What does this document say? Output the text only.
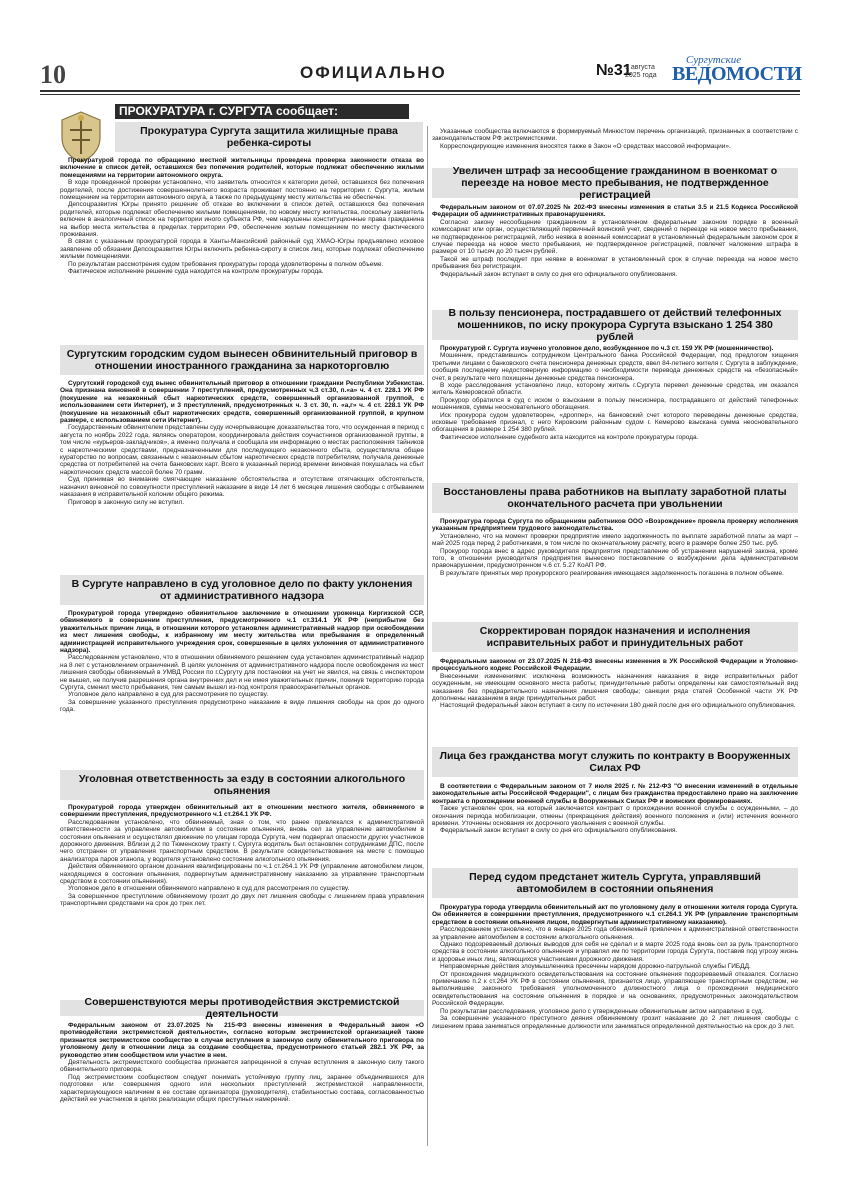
10	ОФИЦИАЛЬНО	№31
9 августа
2025 года
Сургутские
ВЕДОМОСТИ
ПРОКУРАТУРА г. СУРГУТА сообщает:
Прокуратура Сургута защитила жилищные права ребенка-сироты

Прокуратурой города по обращению местной жительницы проведена проверка законности отказа во включение в список детей, оставшихся без попечения родителей, которые подлежат обеспечению жилыми помещениями на территории автономного округа.

В ходе проведенной проверки установлено, что заявитель относится к категории детей, оставшихся без попечения родителей, после достижения совершеннолетнего возраста проживает постоянно на территории г. Сургута, жилым помещением на территории автономного округа, а также по предыдущему месту жительства не обеспечен.

Депсоцразвития Югры принято решение об отказе во включении в список детей, оставшихся без попечения родителей, которые подлежат обеспечению жилыми помещениями, по новому месту жительства, поскольку заявитель включен в аналогичный список на территории иного субъекта РФ, чем нарушены конституционные права гражданина на выбор места жительства в пределах территории РФ, обеспечение жилым помещением по месту фактического проживания.

В связи с указанным прокуратурой города в Ханты-Мансийский районный суд ХМАО-Югры предъявлено исковое заявление об обязании Депсоцразвития Югры включить ребенка-сироту в список лиц, которые подлежат обеспечению жилыми помещениями.

По результатам рассмотрения судом требования прокуратуры города удовлетворены в полном объеме.

Фактическое исполнение решение суда находится на контроле прокуратуры города.

Сургутским городским судом вынесен обвинительный приговор в отношении иностранного гражданина за наркоторговлю

Сургутский городской суд вынес обвинительный приговор в отношении гражданки Республики Узбекистан. Она признана виновной в совершении 7 преступлений, предусмотренных ч.3 ст.30, п.«а» ч. 4 ст. 228.1 УК РФ (покушение на незаконный сбыт наркотических средств, совершенный организованной группой, с использованием сети Интернет), и 3 преступлений, предусмотренных ч. 3 ст. 30, п. «а,г» ч. 4 ст. 228.1 УК РФ (покушение на незаконный сбыт наркотических средств, совершенный организованной группой, в крупном размере, с использованием сети Интернет).

Государственным обвинителем представлены суду исчерпывающие доказательства того, что осужденная в период с августа по ноябрь 2022 года, являясь оператором, координировала действия соучастников организованной группы, в том числе «курьеров-закладчиков», а именно получала и сообщала им информацию о местах расположения тайников с наркотическими средствами, предназначенными для последующего незаконного сбыта, осуществляла общее кураторство по вопросам, связанным с незаконным сбытом наркотических средств потребителям, получала денежные средства от потребителей на счета банковских карт. Всего в указанный период времени виновная покушалась на сбыт наркотических средств массой более 70 грамм.

Суд принимая во внимание смягчающие наказание обстоятельства и отсутствие отягчающих обстоятельств, назначил виновной по совокупности преступлений наказание в виде 14 лет 6 месяцев лишения свободы с отбыванием наказания в исправительной колонии общего режима.

Приговор в законную силу не вступил.

В Сургуте направлено в суд уголовное дело по факту уклонения от административного надзора

Прокуратурой города утверждено обвинительное заключение в отношении уроженца Киргизской ССР, обвиняемого в совершении преступления, предусмотренного ч.1 ст.314.1 УК РФ (неприбытие без уважительных причин лица, в отношении которого установлен административный надзор при освобождении из мест лишения свободы, к избранному им месту жительства или пребывания в определенный администрацией исправительного учреждения срок, совершенные в целях уклонения от административного надзора).

Расследованием установлено, что в отношении обвиняемого решением суда установлен административный надзор на 8 лет с установлением ограничений. В целях уклонения от административного надзора после освобождения из мест лишения свободы обвиняемый в УМВД России по г.Сургуту для постановки на учет не явился, на связь с инспектором не вышел, не получив разрешения органа внутренних дел и не имея уважительных причин, покинув территорию города Сургута, сменил место пребывания, тем самым вышел из-под контроля правоохранительных органов.

Уголовное дело направлено в суд для рассмотрения по существу.

За совершение указанного преступления предусмотрено наказание в виде лишения свободы на срок до одного года.

Уголовная ответственность за езду в состоянии алкогольного опьянения

Прокуратурой города утвержден обвинительный акт в отношении местного жителя, обвиняемого в совершении преступления, предусмотренного ч.1 ст.264.1 УК РФ.

Расследованием установлено, что обвиняемый, зная о том, что ранее привлекался к административной ответственности за управление автомобилем в состоянии опьянения, вновь сел за управление автомобилем в состоянии опьянения и осуществлял движение по улицам города Сургута, чем подвергал опасности других участников дорожного движения. Вблизи д.2 по Тюменскому тракту г. Сургута водитель был остановлен сотрудниками ДПС, после чего отстранен от управления транспортным средством. В результате освидетельствования на месте с помощью анализатора паров этанола, у водителя установлено состояние алкогольного опьянения.

Действия обвиняемого органом дознания квалифицированы по ч.1 ст.264.1 УК РФ (управление автомобилем лицом, находящимся в состоянии опьянения, подвергнутым административному наказанию за управление транспортным средством в состоянии опьянения).

Уголовное дело в отношении обвиняемого направлено в суд для рассмотрения по существу.

За совершенное преступление обвиняемому грозит до двух лет лишения свободы с лишением права управления транспортными средствами на срок до трех лет.

Совершенствуются меры противодействия экстремистской деятельности

Федеральным законом от 23.07.2025 № 215-ФЗ внесены изменения в Федеральный закон «О противодействии экстремистской деятельности», согласно которым экстремистской организацией также признается экстремистское сообщество в случае вступления в законную силу обвинительного приговора по уголовному делу в отношении лица за создание сообщества, предусмотренного статьей 282.1 УК РФ, за руководство этим сообществом или участие в нем.

Деятельность экстремистского сообщества признается запрещенной в случае вступления в законную силу такого обвинительного приговора.

Под экстремистским сообществом следует понимать устойчивую группу лиц, заранее объединившихся для подготовки или совершения одного или нескольких преступлений экстремистской направленности, характеризующуюся наличием в ее составе организатора (руководителя), стабильностью состава, согласованностью действий ее участников в целях реализации общих преступных намерений.

Указанные сообщества включаются в формируемый Минюстом перечень организаций, признанных в соответствии с законодательством РФ экстремистскими.

Корреспондирующие изменения вносятся также в Закон «О средствах массовой информации».

Увеличен штраф за несообщение гражданином в военкомат о переезде на новое место пребывания, не подтвержденное регистрацией

Федеральным законом от 07.07.2025 № 202-ФЗ внесены изменения в статьи 3.5 и 21.5 Кодекса Российской Федерации об административных правонарушениях.

Согласно закону несообщение гражданином в установленном федеральным законом порядке в военный комиссариат или орган, осуществляющий первичный воинский учет, сведений о переезде на новое место пребывания, не подтвержденное регистрацией, либо неявка в военный комиссариат в установленный федеральным законом срок в случае переезда на новое место пребывания, не подтвержденное регистрацией, повлечет наложение штрафа в размере от 10 тысяч до 20 тысяч рублей.

Такой же штраф последует при неявке в военкомат в установленный срок в случае переезда на новое место пребывания без регистрации.

Федеральный закон вступает в силу со дня его официального опубликования.

В пользу пенсионера, пострадавшего от действий телефонных мошенников, по иску прокурора Сургута взыскано 1 254 380 рублей

Прокуратурой г. Сургута изучено уголовное дело, возбужденное по ч.3 ст. 159 УК РФ (мошенничество).

Мошенник, представившись сотрудником Центрального банка Российской Федерации, под предлогом хищения третьими лицами с банковского счета пенсионера денежных средств, ввел 84-летнего жителя г. Сургута в заблуждение, сообщив последнему недостоверную информацию о необходимости перевода денежных средств на «безопасный» счет, в результате чего похищены денежные средства пенсионера.

В ходе расследования установлено лицо, которому житель г.Сургута перевел денежные средства, им оказался житель Кемеровской области.

Прокурор обратился в суд с иском о взыскании в пользу пенсионера, пострадавшего от действий телефонных мошенников, суммы неосновательного обогащения.

Иск прокурора судом удовлетворен, «дроппер», на банковский счет которого переведены денежные средства, исковые требования признал, с него Кировским районным судом г. Кемерово взыскана сумма неосновательного обогащения в размере 1 254 380 рублей.

Фактическое исполнение судебного акта находится на контроле прокуратуры города.

Восстановлены права работников на выплату заработной платы окончательного расчета при увольнении

Прокуратура города Сургута по обращениям работников ООО «Возрождение» провела проверку исполнения указанным предприятием трудового законодательства.

Установлено, что на момент проверки предприятие имело задолженность по выплате заработной платы за март – май 2025 года перед 2 работниками, в том числе по окончательному расчету, всего в размере более 250 тыс. руб.

Прокурор города внес в адрес руководителя предприятия представление об устранении нарушений закона, кроме того, в отношении руководителя предприятия вынесено постановление о возбуждении дела административном правонарушении, предусмотренном ч.6 ст. 5.27 КоАП РФ.

В результате принятых мер прокурорского реагирования имеющаяся задолженность погашена в полном объеме.

Скорректирован порядок назначения и исполнения исправительных работ и принудительных работ

Федеральным законом от 23.07.2025 N 218-ФЗ внесены изменения в УК Российской Федерации и Уголовно-процессуального кодекс Российской Федерации.

Внесенными изменениями: исключена возможность назначения наказания в виде исправительных работ осужденным, не имеющим основного места работы; принудительные работы определены как самостоятельный вид наказания без предварительного назначения лишения свободы; санкции ряда статей Особенной части УК РФ дополнены наказанием в виде принудительных работ.

Настоящий федеральный закон вступает в силу по истечении 180 дней после дня его официального опубликования.

Лица без гражданства могут служить по контракту в Вооруженных Силах РФ

В соответствии с Федеральным законом от 7 июля 2025 г. № 212-ФЗ "О внесении изменений в отдельные законодательные акты Российской Федерации", с лицам без гражданства предоставлено право на заключение контракта о прохождении военной службы в Вооруженных Силах РФ и воинских формированиях.

Также установлен срок, на который заключается контракт о прохождении военной службы с осужденными, – до окончания периода мобилизации, отмены (прекращения действия) военного положения и (или) истечения военного времени. Уточнены основания их досрочного увольнения с военной службы.

Федеральный закон вступает в силу со дня его официального опубликования.

Перед судом предстанет житель Сургута, управлявший автомобилем в состоянии опьянения

Прокуратура города утвердила обвинительный акт по уголовному делу в отношении жителя города Сургута. Он обвиняется в совершении преступления, предусмотренного ч.1 ст.264.1 УК РФ (управление транспортным средством в состоянии опьянения лицом, подвергнутым административному наказанию).

Расследованием установлено, что в январе 2025 года обвиняемый привлечен к административной ответственности за управление автомобилем в состоянии алкогольного опьянения.

Однако подозреваемый должных выводов для себя не сделал и в марте 2025 года вновь сел за руль транспортного средства в состоянии алкогольного опьянения и управлял им по территории города Сургута, поставив под угрозу жизнь и здоровье иных лиц, являющихся участниками дорожного движения.

Неправомерные действия злоумышленника пресечены нарядом дорожно-патрульной службы ГИБДД.

От прохождения медицинского освидетельствования на состояние опьянения подозреваемый отказался. Согласно примечанию п.2 к ст.264 УК РФ в состоянии опьянения, признается лицо, управляющее транспортным средством, не выполнившее законного требования уполномоченного должностного лица о прохождении медицинского освидетельствования на состояние опьянения в порядке и на основаниях, предусмотренных законодательством Российской Федерации.

По результатам расследования, уголовное дело с утвержденным обвинительным актом направлено в суд.

За совершение указанного преступного деяния обвиняемому грозит наказание до 2 лет лишения свободы с лишением права заниматься определенные должности или заниматься определенной деятельностью на срок до 3 лет.
